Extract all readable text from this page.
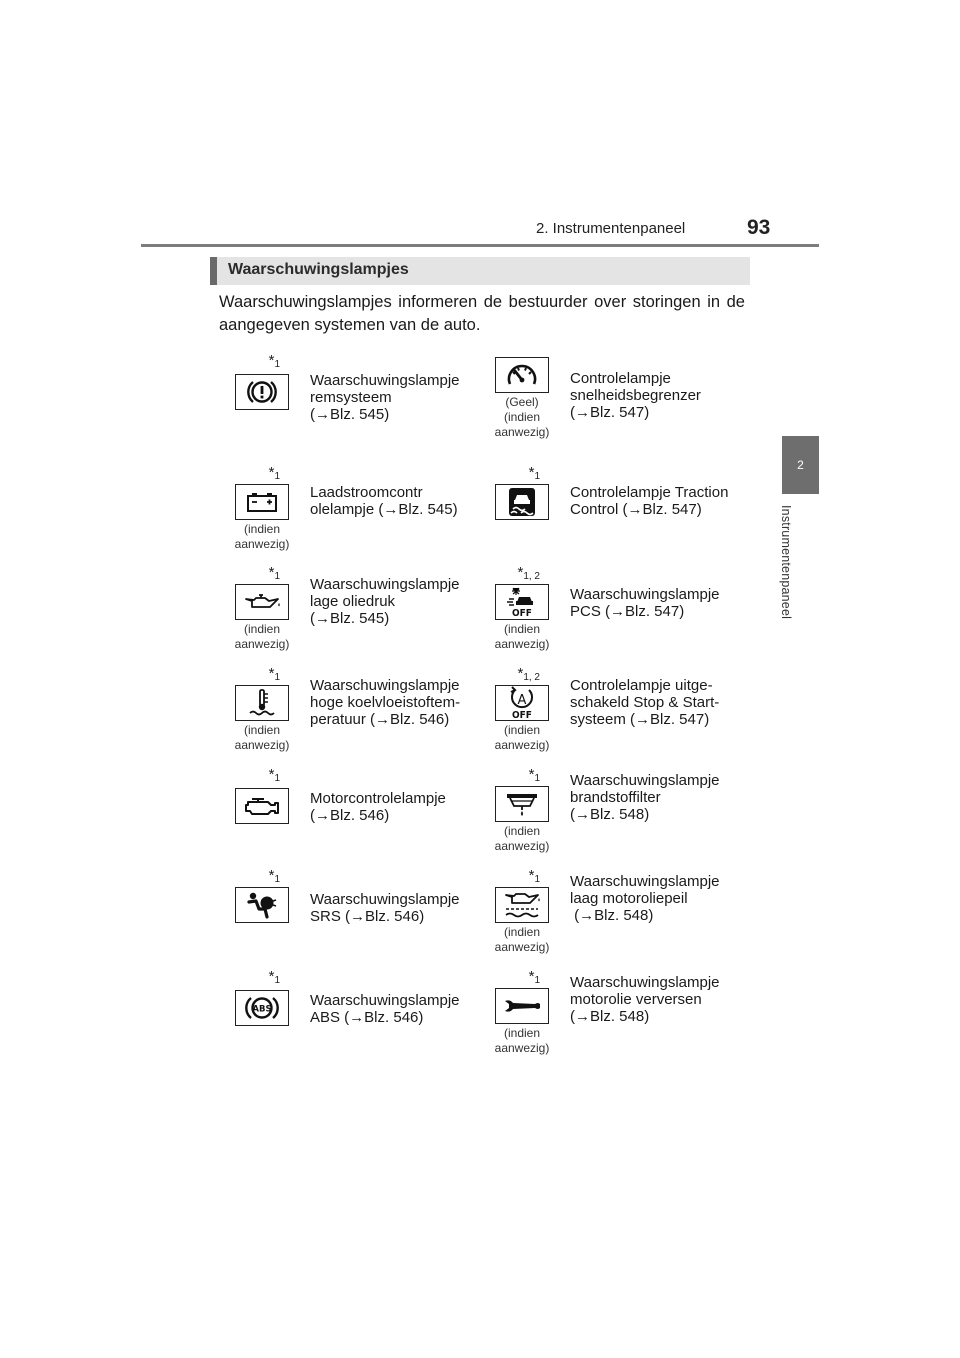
2. Instrumentenpaneel	93
2
Instrumentenpaneel
Waarschuwingslampjes
Waarschuwingslampjes informeren de bestuurder over storingen in de aangegeven systemen van de auto.
$*_1$
Waarschuwingslampje
remsysteem
(→Blz. 545)
(Geel)
(indien
aanwezig)
Controlelampje
snelheidsbegrenzer
(→Blz. 547)
$*_1$
(indien
aanwezig)
Laadstroomcontr
olelampje (→Blz. 545)
$*_1$
Controlelampje Traction
Control (→Blz. 547)
$*_1$
(indien
aanwezig)
Waarschuwingslampje
lage oliedruk
(→Blz. 545)
$*_{1, 2}$
OFF
(indien
aanwezig)
Waarschuwingslampje
PCS (→Blz. 547)
$*_1$
(indien
aanwezig)
Waarschuwingslampje
hoge koelvloeistoftem-
peratuur (→Blz. 546)
$*_{1, 2}$
A
OFF
(indien
aanwezig)
Controlelampje uitge-
schakeld Stop & Start-
systeem (→Blz. 547)
$*_1$
Motorcontrolelampje
(→Blz. 546)
$*_1$
(indien
aanwezig)
Waarschuwingslampje
brandstoffilter
(→Blz. 548)
$*_1$
Waarschuwingslampje
SRS (→Blz. 546)
$*_1$
(indien
aanwezig)
Waarschuwingslampje
laag motoroliepeil
(→Blz. 548)
$*_1$
ABS
Waarschuwingslampje
ABS (→Blz. 546)
$*_1$
(indien
aanwezig)
Waarschuwingslampje
motorolie verversen
(→Blz. 548)
